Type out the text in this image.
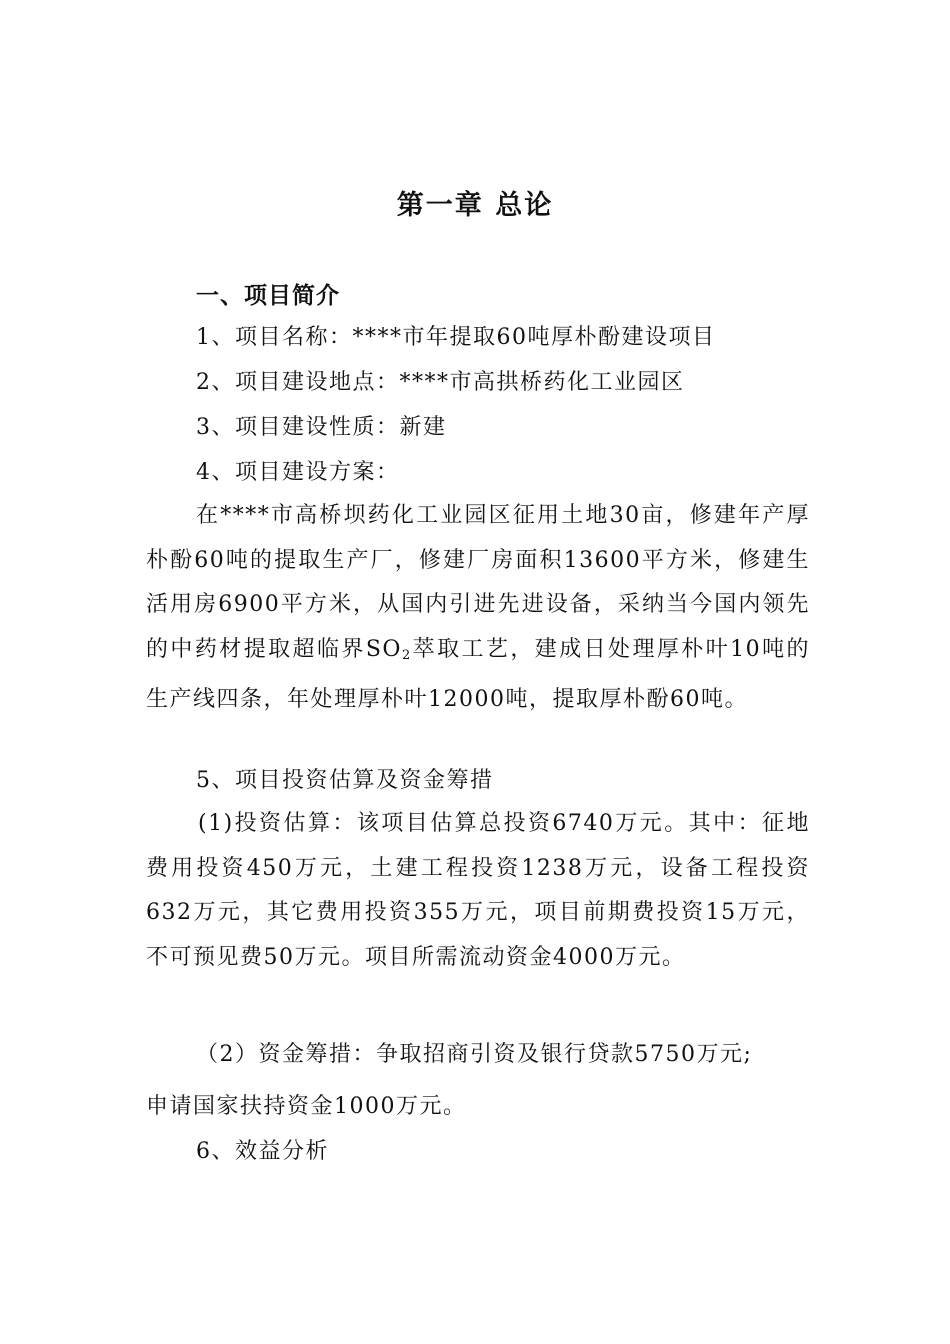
第一章 总论
一、项目简介
1、项目名称：****市年提取60吨厚朴酚建设项目
2、项目建设地点：****市高拱桥药化工业园区
3、项目建设性质：新建
4、项目建设方案：

在****市高桥坝药化工业园区征用土地30亩，修建年产厚朴酚60吨的提取生产厂，修建厂房面积13600平方米，修建生活用房6900平方米，从国内引进先进设备，采纳当今国内领先的中药材提取超临界$SO_2$萃取工艺，建成日处理厚朴叶10吨的生产线四条，年处理厚朴叶12000吨，提取厚朴酚60吨。

5、项目投资估算及资金筹措

(1)投资估算：该项目估算总投资6740万元。其中：征地费用投资450万元，土建工程投资1238万元，设备工程投资632万元，其它费用投资355万元，项目前期费投资15万元，不可预见费50万元。项目所需流动资金4000万元。

（2）资金筹措：争取招商引资及银行贷款5750万元;
申请国家扶持资金1000万元。
6、效益分析
